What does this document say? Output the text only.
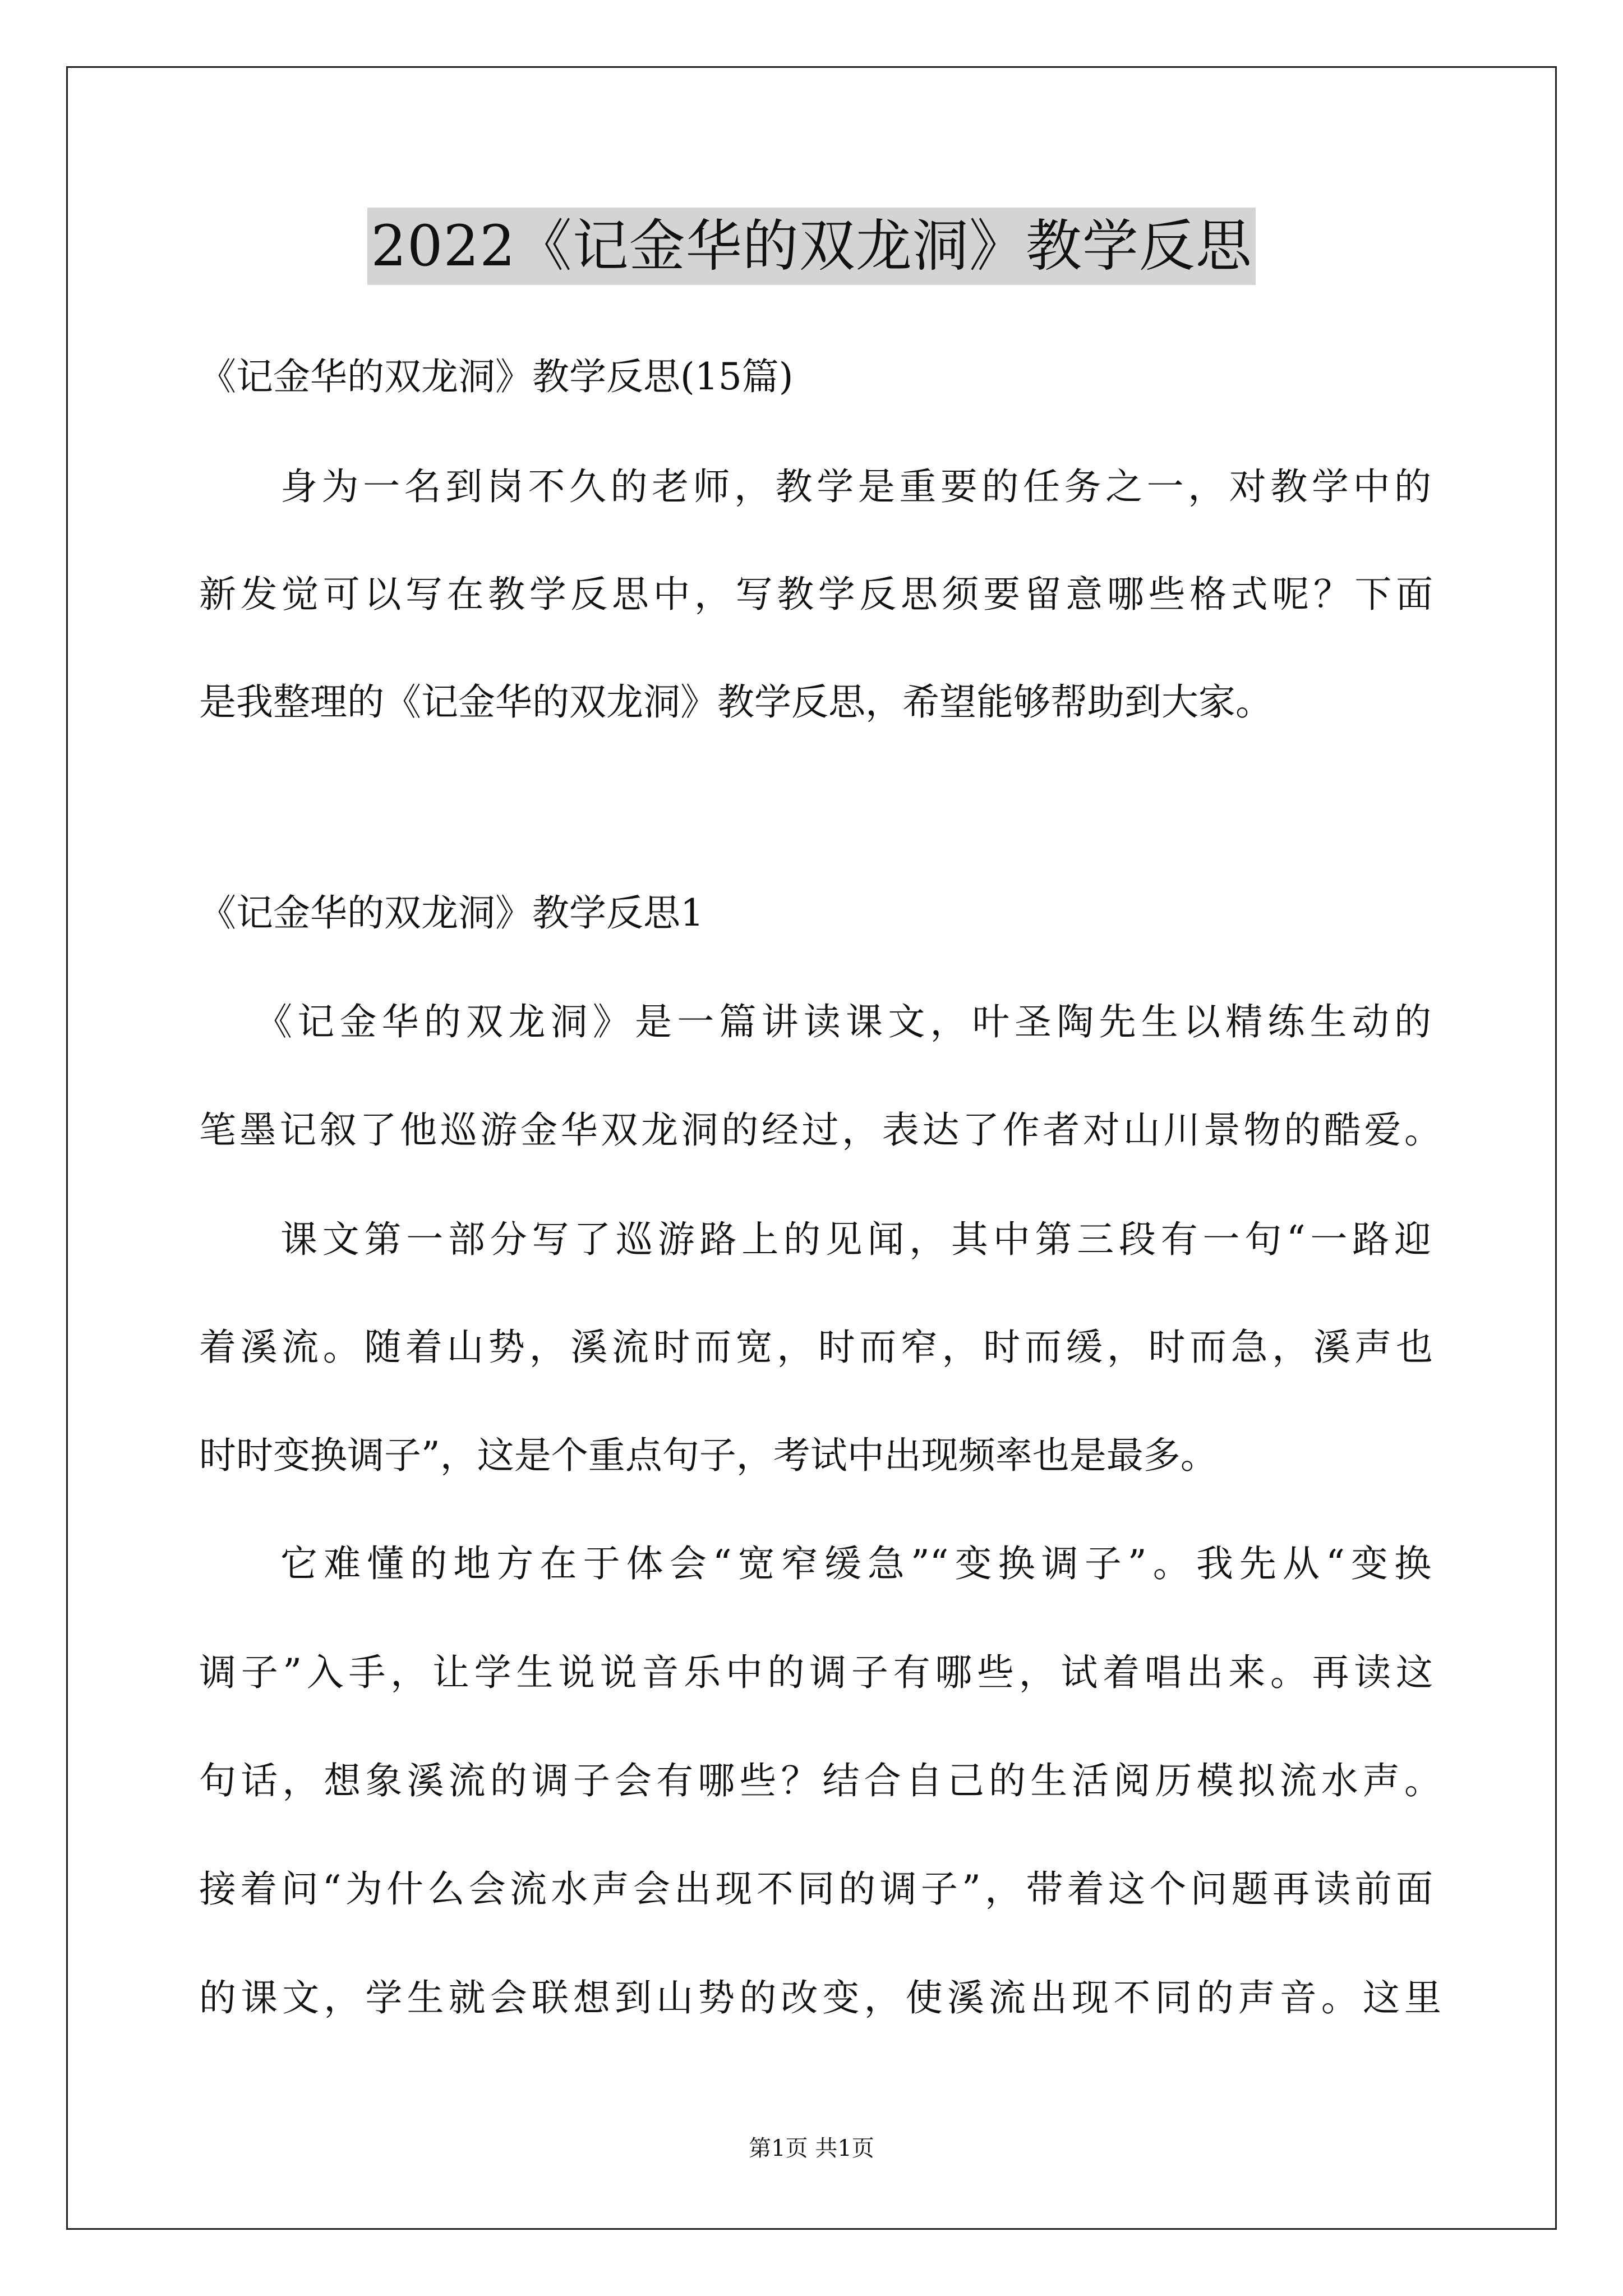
2022《记金华的双龙洞》教学反思
《记金华的双龙洞》教学反思(15篇)
身为一名到岗不久的老师，教学是重要的任务之一，对教学中的
新发觉可以写在教学反思中，写教学反思须要留意哪些格式呢？下面
是我整理的《记金华的双龙洞》教学反思，希望能够帮助到大家。
《记金华的双龙洞》教学反思1
《记金华的双龙洞》是一篇讲读课文，叶圣陶先生以精练生动的
笔墨记叙了他巡游金华双龙洞的经过，表达了作者对山川景物的酷爱。
课文第一部分写了巡游路上的见闻，其中第三段有一句“一路迎
着溪流。随着山势，溪流时而宽，时而窄，时而缓，时而急，溪声也
时时变换调子”，这是个重点句子，考试中出现频率也是最多。
它难懂的地方在于体会“宽窄缓急”“变换调子”。我先从“变换
调子”入手，让学生说说音乐中的调子有哪些，试着唱出来。再读这
句话，想象溪流的调子会有哪些？结合自己的生活阅历模拟流水声。
接着问“为什么会流水声会出现不同的调子”，带着这个问题再读前面
的课文，学生就会联想到山势的改变，使溪流出现不同的声音。这里
第1页 共1页
